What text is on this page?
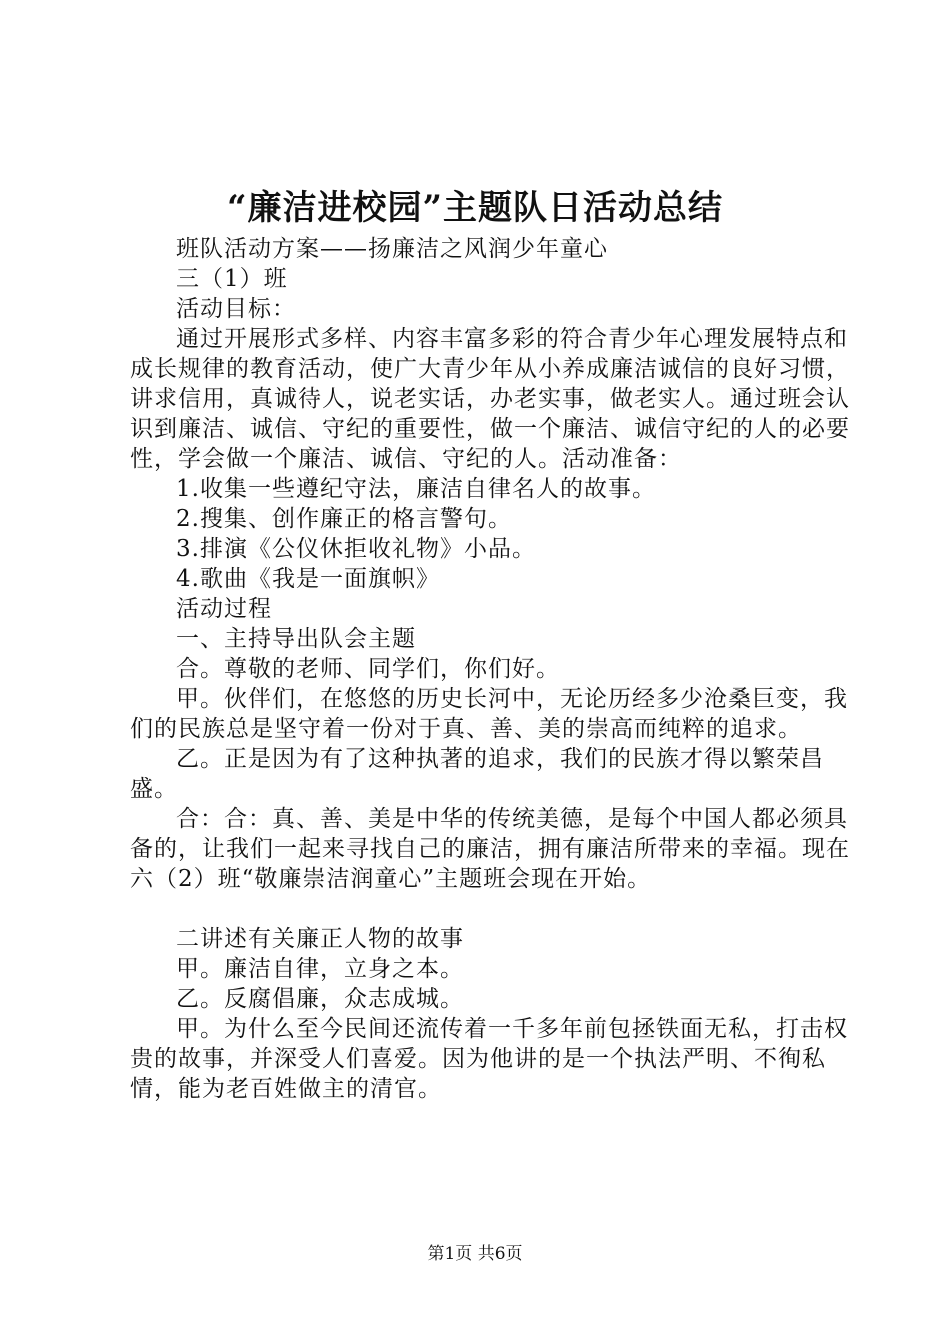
“廉洁进校园”主题队日活动总结

班队活动方案——扬廉洁之风润少年童心

三（1）班

活动目标：

通过开展形式多样、内容丰富多彩的符合青少年心理发展特点和成长规律的教育活动，使广大青少年从小养成廉洁诚信的良好习惯，讲求信用，真诚待人，说老实话，办老实事，做老实人。通过班会认识到廉洁、诚信、守纪的重要性，做一个廉洁、诚信守纪的人的必要性，学会做一个廉洁、诚信、守纪的人。活动准备：

1.收集一些遵纪守法，廉洁自律名人的故事。

2.搜集、创作廉正的格言警句。

3.排演《公仪休拒收礼物》小品。

4.歌曲《我是一面旗帜》

活动过程

一、主持导出队会主题

合。尊敬的老师、同学们，你们好。

甲。伙伴们，在悠悠的历史长河中，无论历经多少沧桑巨变，我们的民族总是坚守着一份对于真、善、美的崇高而纯粹的追求。

乙。正是因为有了这种执著的追求，我们的民族才得以繁荣昌盛。

合：合：真、善、美是中华的传统美德，是每个中国人都必须具备的，让我们一起来寻找自己的廉洁，拥有廉洁所带来的幸福。现在六（2）班“敬廉崇洁润童心”主题班会现在开始。

二讲述有关廉正人物的故事

甲。廉洁自律，立身之本。

乙。反腐倡廉，众志成城。

甲。为什么至今民间还流传着一千多年前包拯铁面无私，打击权贵的故事，并深受人们喜爱。因为他讲的是一个执法严明、不徇私情，能为老百姓做主的清官。

第1页 共6页
